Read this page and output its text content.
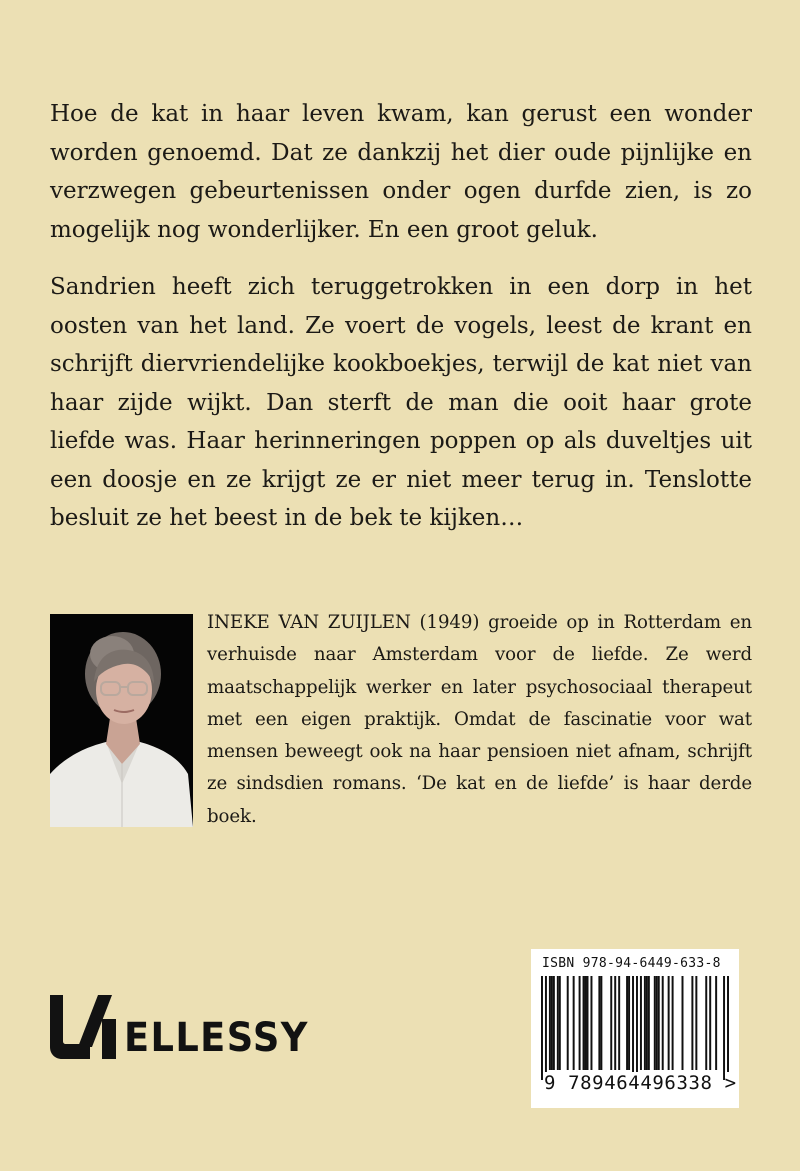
Hoe de kat in haar leven kwam, kan gerust een wonder worden genoemd. Dat ze dankzij het dier oude pijnlijke en verzwegen gebeurtenissen onder ogen durfde zien, is zo mogelijk nog wonderlijker. En een groot geluk.

Sandrien heeft zich teruggetrokken in een dorp in het oosten van het land. Ze voert de vogels, leest de krant en schrijft diervriendelijke kookboekjes, terwijl de kat niet van haar zijde wijkt. Dan sterft de man die ooit haar grote liefde was. Haar herinneringen poppen op als duveltjes uit een doosje en ze krijgt ze er niet meer terug in. Tenslotte besluit ze het beest in de bek te kijken…

INEKE VAN ZUIJLEN (1949) groeide op in Rotterdam en verhuisde naar Amsterdam voor de liefde. Ze werd maatschappelijk werker en later psychosociaal therapeut met een eigen praktijk. Omdat de fascinatie voor wat mensen beweegt ook na haar pensioen niet afnam, schrijft ze sindsdien romans. ‘De kat en de liefde’ is haar derde boek.

ELLESSY
ISBN 978-94-6449-633-8
9 789464496338 >
